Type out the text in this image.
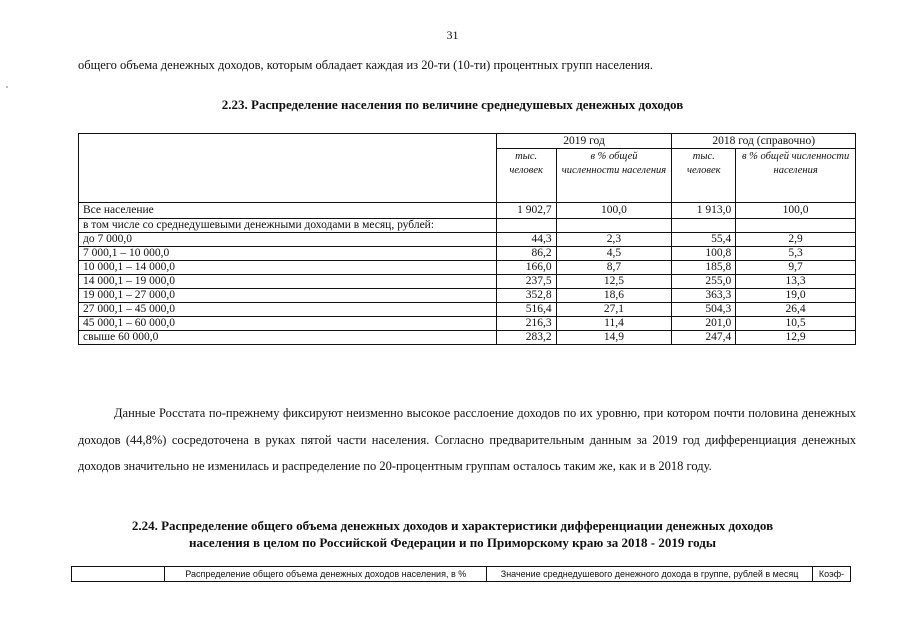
31
общего объема денежных доходов, которым обладает каждая из 20-ти (10-ти) процентных групп населения.
2.23. Распределение населения по величине среднедушевых денежных доходов
	2019 год		2018 год (справочно)	
	тыс. человек	в % общей численности населения	тыс. человек	в % общей численности населения
Все население	1 902,7	100,0	1 913,0	100,0
в том числе со среднедушевыми денежными доходами в месяц, рублей:				
до 7 000,0	44,3	2,3	55,4	2,9
7 000,1 – 10 000,0	86,2	4,5	100,8	5,3
10 000,1 – 14 000,0	166,0	8,7	185,8	9,7
14 000,1 – 19 000,0	237,5	12,5	255,0	13,3
19 000,1 – 27 000,0	352,8	18,6	363,3	19,0
27 000,1 – 45 000,0	516,4	27,1	504,3	26,4
45 000,1 – 60 000,0	216,3	11,4	201,0	10,5
свыше 60 000,0	283,2	14,9	247,4	12,9
Данные Росстата по-прежнему фиксируют неизменно высокое расслоение доходов по их уровню, при котором почти половина денежных доходов (44,8%) сосредоточена в руках пятой части населения. Согласно предварительным данным за 2019 год дифференциация денежных доходов значительно не изменилась и распределение по 20-процентным группам осталось таким же, как и в 2018 году.
2.24. Распределение общего объема денежных доходов и характеристики дифференциации денежных доходов
населения в целом по Российской Федерации и по Приморскому краю за 2018 - 2019 годы
	Распределение общего объема денежных доходов населения, в %	Значение среднедушевого денежного дохода в группе, рублей в месяц	Коэф-
